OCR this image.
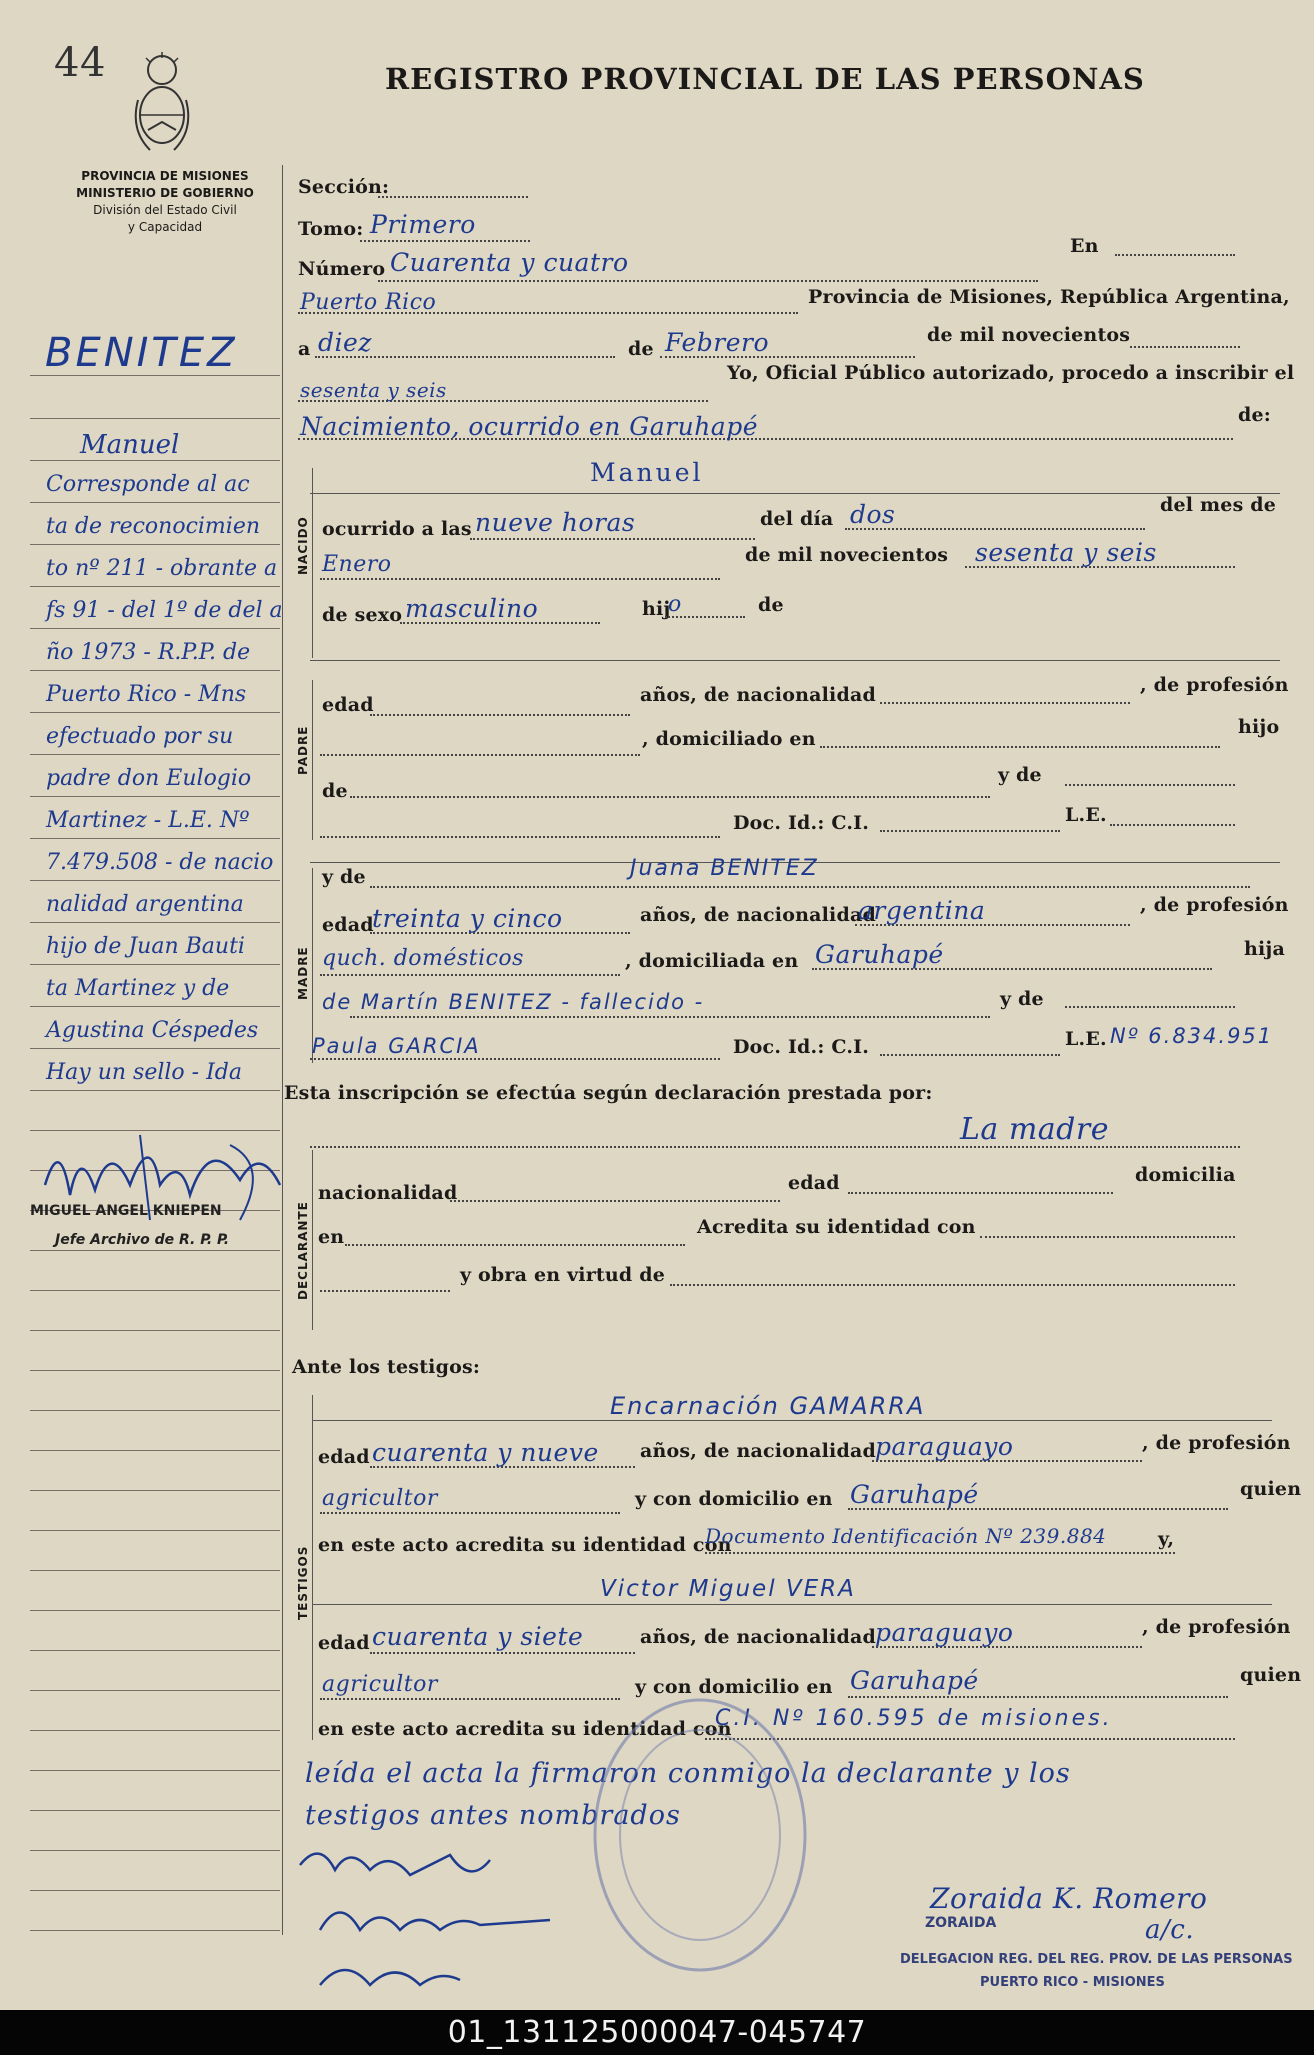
44	REGISTRO PROVINCIAL DE LAS PERSONAS
PROVINCIA DE MISIONES
MINISTERIO DE GOBIERNO
División del Estado Civil
y Capacidad
BENITEZ
Manuel
Corresponde al ac
ta de reconocimien
to nº 211 - obrante a
fs 91 - del 1º de del a
ño 1973 - R.P.P. de
Puerto Rico - Mns
efectuado por su
padre don Eulogio
Martinez - L.E. Nº
7.479.508 - de nacio
nalidad argentina
hijo de Juan Bauti
ta Martinez y de
Agustina Céspedes
Hay un sello - Ida
MIGUEL ANGEL KNIEPEN
Jefe Archivo de R. P. P.
Sección:
Tomo: Primero
Número Cuarenta y cuatro
En
Puerto Rico	Provincia de Misiones, República Argentina,
a diez	de Febrero	de mil novecientos
sesenta y seis
Yo, Oficial Público autorizado, procedo a inscribir el
Nacimiento, ocurrido en Garuhapé	de:
NACIDO
Manuel
ocurrido a las nueve horas	del día dos	del mes de
Enero	de mil novecientos sesenta y seis
de sexo masculino	hij
o	de
PADRE
edad	años, de nacionalidad	, de profesión
, domiciliado en
hijo
de
y de
Doc. Id.: C.I.	L.E.
MADRE
y de	Juana BENITEZ
edad
treinta y cinco	años, de nacionalidad
argentina	, de profesión
quch. domésticos	, domiciliada en Garuhapé	hija
de Martín BENITEZ - fallecido -	y de
Paula GARCIA	Doc. Id.: C.I.	L.E. Nº 6.834.951
Esta inscripción se efectúa según declaración prestada por:
La madre
DECLARANTE
nacionalidad	edad	domicilia
en	Acredita su identidad con
y obra en virtud de
Ante los testigos:
TESTIGOS
Encarnación GAMARRA
edad cuarenta y nueve años, de nacionalidad paraguayo	, de profesión
agricultor	y con domicilio en Garuhapé	quien
en este acto acredita su identidad con
Documento Identificación Nº 239.884	y,
Victor Miguel VERA
edad cuarenta y siete	años, de nacionalidad paraguayo	, de profesión
agricultor	y con domicilio en Garuhapé	quien
en este acto acredita su identidad con
C.I. Nº 160.595 de misiones.
leída el acta la firmaron conmigo la declarante y los
testigos antes nombrados
Zoraida K. Romero
ZORAIDA	a/c.
DELEGACION REG. DEL REG. PROV. DE LAS PERSONAS
PUERTO RICO - MISIONES
01_131125000047-045747
